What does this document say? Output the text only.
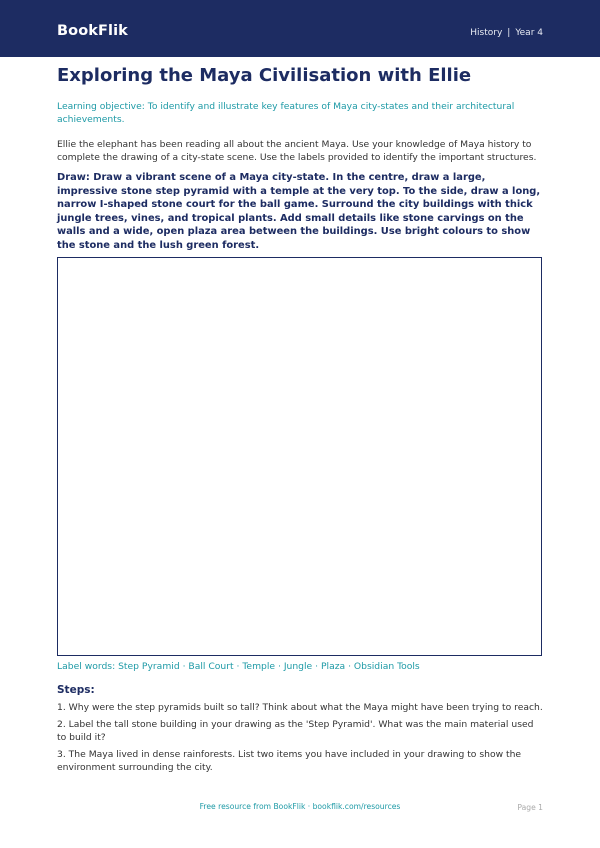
BookFlik	History | Year 4
Exploring the Maya Civilisation with Ellie
Learning objective: To identify and illustrate key features of Maya city-states and their architectural achievements.
Ellie the elephant has been reading all about the ancient Maya. Use your knowledge of Maya history to complete the drawing of a city-state scene. Use the labels provided to identify the important structures.
Draw: Draw a vibrant scene of a Maya city-state. In the centre, draw a large, impressive stone step pyramid with a temple at the very top. To the side, draw a long, narrow I-shaped stone court for the ball game. Surround the city buildings with thick jungle trees, vines, and tropical plants. Add small details like stone carvings on the walls and a wide, open plaza area between the buildings. Use bright colours to show the stone and the lush green forest.
Label words: Step Pyramid · Ball Court · Temple · Jungle · Plaza · Obsidian Tools
Steps:
1. Why were the step pyramids built so tall? Think about what the Maya might have been trying to reach.
2. Label the tall stone building in your drawing as the 'Step Pyramid'. What was the main material used to build it?
3. The Maya lived in dense rainforests. List two items you have included in your drawing to show the environment surrounding the city.
Free resource from BookFlik · bookflik.com/resources	Page 1
